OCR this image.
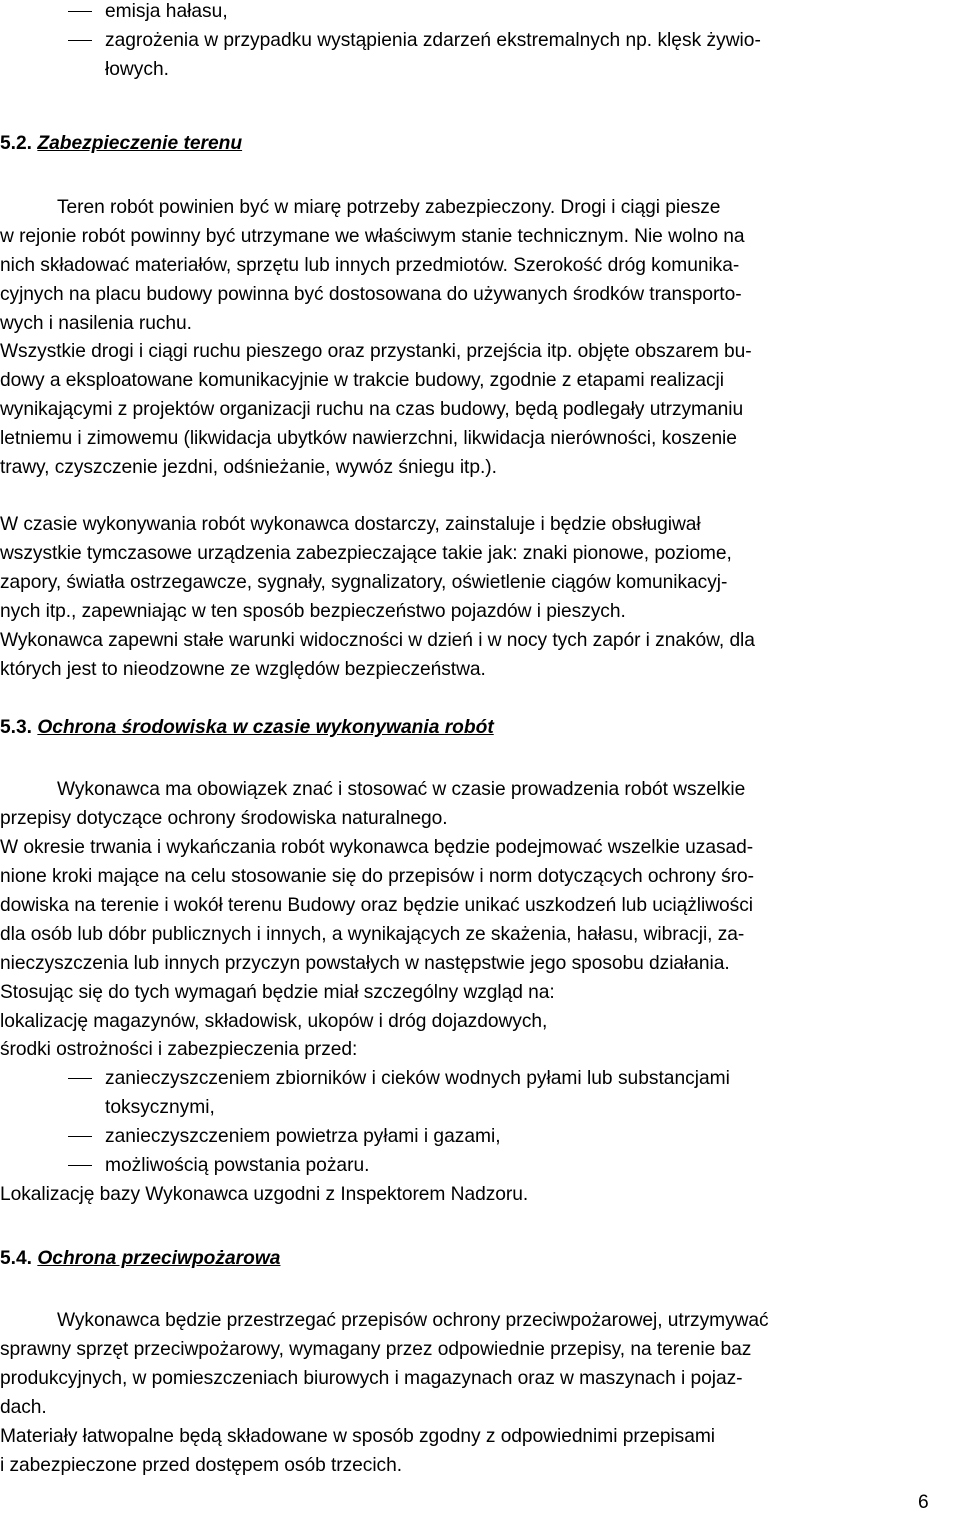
emisja hałasu,
zagrożenia w przypadku wystąpienia zdarzeń ekstremalnych np. klęsk żywio-
łowych.
5.2. Zabezpieczenie terenu
Teren robót powinien być w miarę potrzeby zabezpieczony. Drogi i ciągi piesze
w rejonie robót powinny być utrzymane we właściwym stanie technicznym. Nie wolno na
nich składować materiałów, sprzętu lub innych przedmiotów. Szerokość dróg komunika-
cyjnych na placu budowy powinna być dostosowana do używanych środków transporto-
wych i nasilenia ruchu.
Wszystkie drogi i ciągi ruchu pieszego oraz przystanki, przejścia itp. objęte obszarem bu-
dowy a eksploatowane komunikacyjnie w trakcie budowy, zgodnie z etapami realizacji
wynikającymi z projektów organizacji ruchu na czas budowy, będą podlegały utrzymaniu
letniemu i zimowemu (likwidacja ubytków nawierzchni, likwidacja nierówności, koszenie
trawy, czyszczenie jezdni, odśnieżanie, wywóz śniegu itp.).
W czasie wykonywania robót wykonawca dostarczy, zainstaluje i będzie obsługiwał
wszystkie tymczasowe urządzenia zabezpieczające takie jak: znaki pionowe, poziome,
zapory, światła ostrzegawcze, sygnały, sygnalizatory, oświetlenie ciągów komunikacyj-
nych itp., zapewniając w ten sposób bezpieczeństwo pojazdów i pieszych.
Wykonawca zapewni stałe warunki widoczności w dzień i w nocy tych zapór i znaków, dla
których jest to nieodzowne ze względów bezpieczeństwa.
5.3. Ochrona środowiska w czasie wykonywania robót
Wykonawca ma obowiązek znać i stosować w czasie prowadzenia robót wszelkie
przepisy dotyczące ochrony środowiska naturalnego.
W okresie trwania i wykańczania robót wykonawca będzie podejmować wszelkie uzasad-
nione kroki mające na celu stosowanie się do przepisów i norm dotyczących ochrony śro-
dowiska na terenie i wokół terenu Budowy oraz będzie unikać uszkodzeń lub uciążliwości
dla osób lub dóbr publicznych i innych, a wynikających ze skażenia, hałasu, wibracji, za-
nieczyszczenia lub innych przyczyn powstałych w następstwie jego sposobu działania.
Stosując się do tych wymagań będzie miał szczególny wzgląd na:
lokalizację magazynów, składowisk, ukopów i dróg dojazdowych,
środki ostrożności i zabezpieczenia przed:
zanieczyszczeniem zbiorników i cieków wodnych pyłami lub substancjami
toksycznymi,
zanieczyszczeniem powietrza pyłami i gazami,
możliwością powstania pożaru.
Lokalizację bazy Wykonawca uzgodni z Inspektorem Nadzoru.
5.4. Ochrona przeciwpożarowa
Wykonawca będzie przestrzegać przepisów ochrony przeciwpożarowej, utrzymywać
sprawny sprzęt przeciwpożarowy, wymagany przez odpowiednie przepisy, na terenie baz
produkcyjnych, w pomieszczeniach biurowych i magazynach oraz w maszynach i pojaz-
dach.
Materiały łatwopalne będą składowane w sposób zgodny z odpowiednimi przepisami
i zabezpieczone przed dostępem osób trzecich.
6
